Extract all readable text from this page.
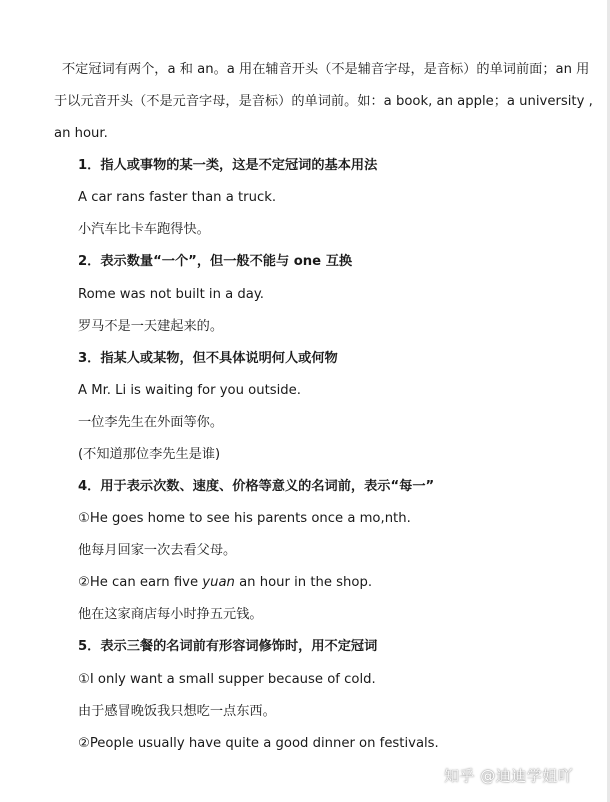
不定冠词有两个，a 和 an。a 用在辅音开头（不是辅音字母，是音标）的单词前面；an 用
于以元音开头（不是元音字母，是音标）的单词前。如：a book, an apple；a university ,
an hour.
1．指人或事物的某一类，这是不定冠词的基本用法
A car rans faster than a truck.
小汽车比卡车跑得快。
2．表示数量“一个”，但一般不能与 one 互换
Rome was not built in a day.
罗马不是一天建起来的。
3．指某人或某物，但不具体说明何人或何物
A Mr. Li is waiting for you outside.
一位李先生在外面等你。
(不知道那位李先生是谁)
4．用于表示次数、速度、价格等意义的名词前，表示“每一”
①He goes home to see his parents once a mo,nth.
他每月回家一次去看父母。
②He can earn five yuan an hour in the shop.
他在这家商店每小时挣五元钱。
5．表示三餐的名词前有形容词修饰时，用不定冠词
①I only want a small supper because of cold.
由于感冒晚饭我只想吃一点东西。
②People usually have quite a good dinner on festivals.
知乎 @迪迪学姐吖
